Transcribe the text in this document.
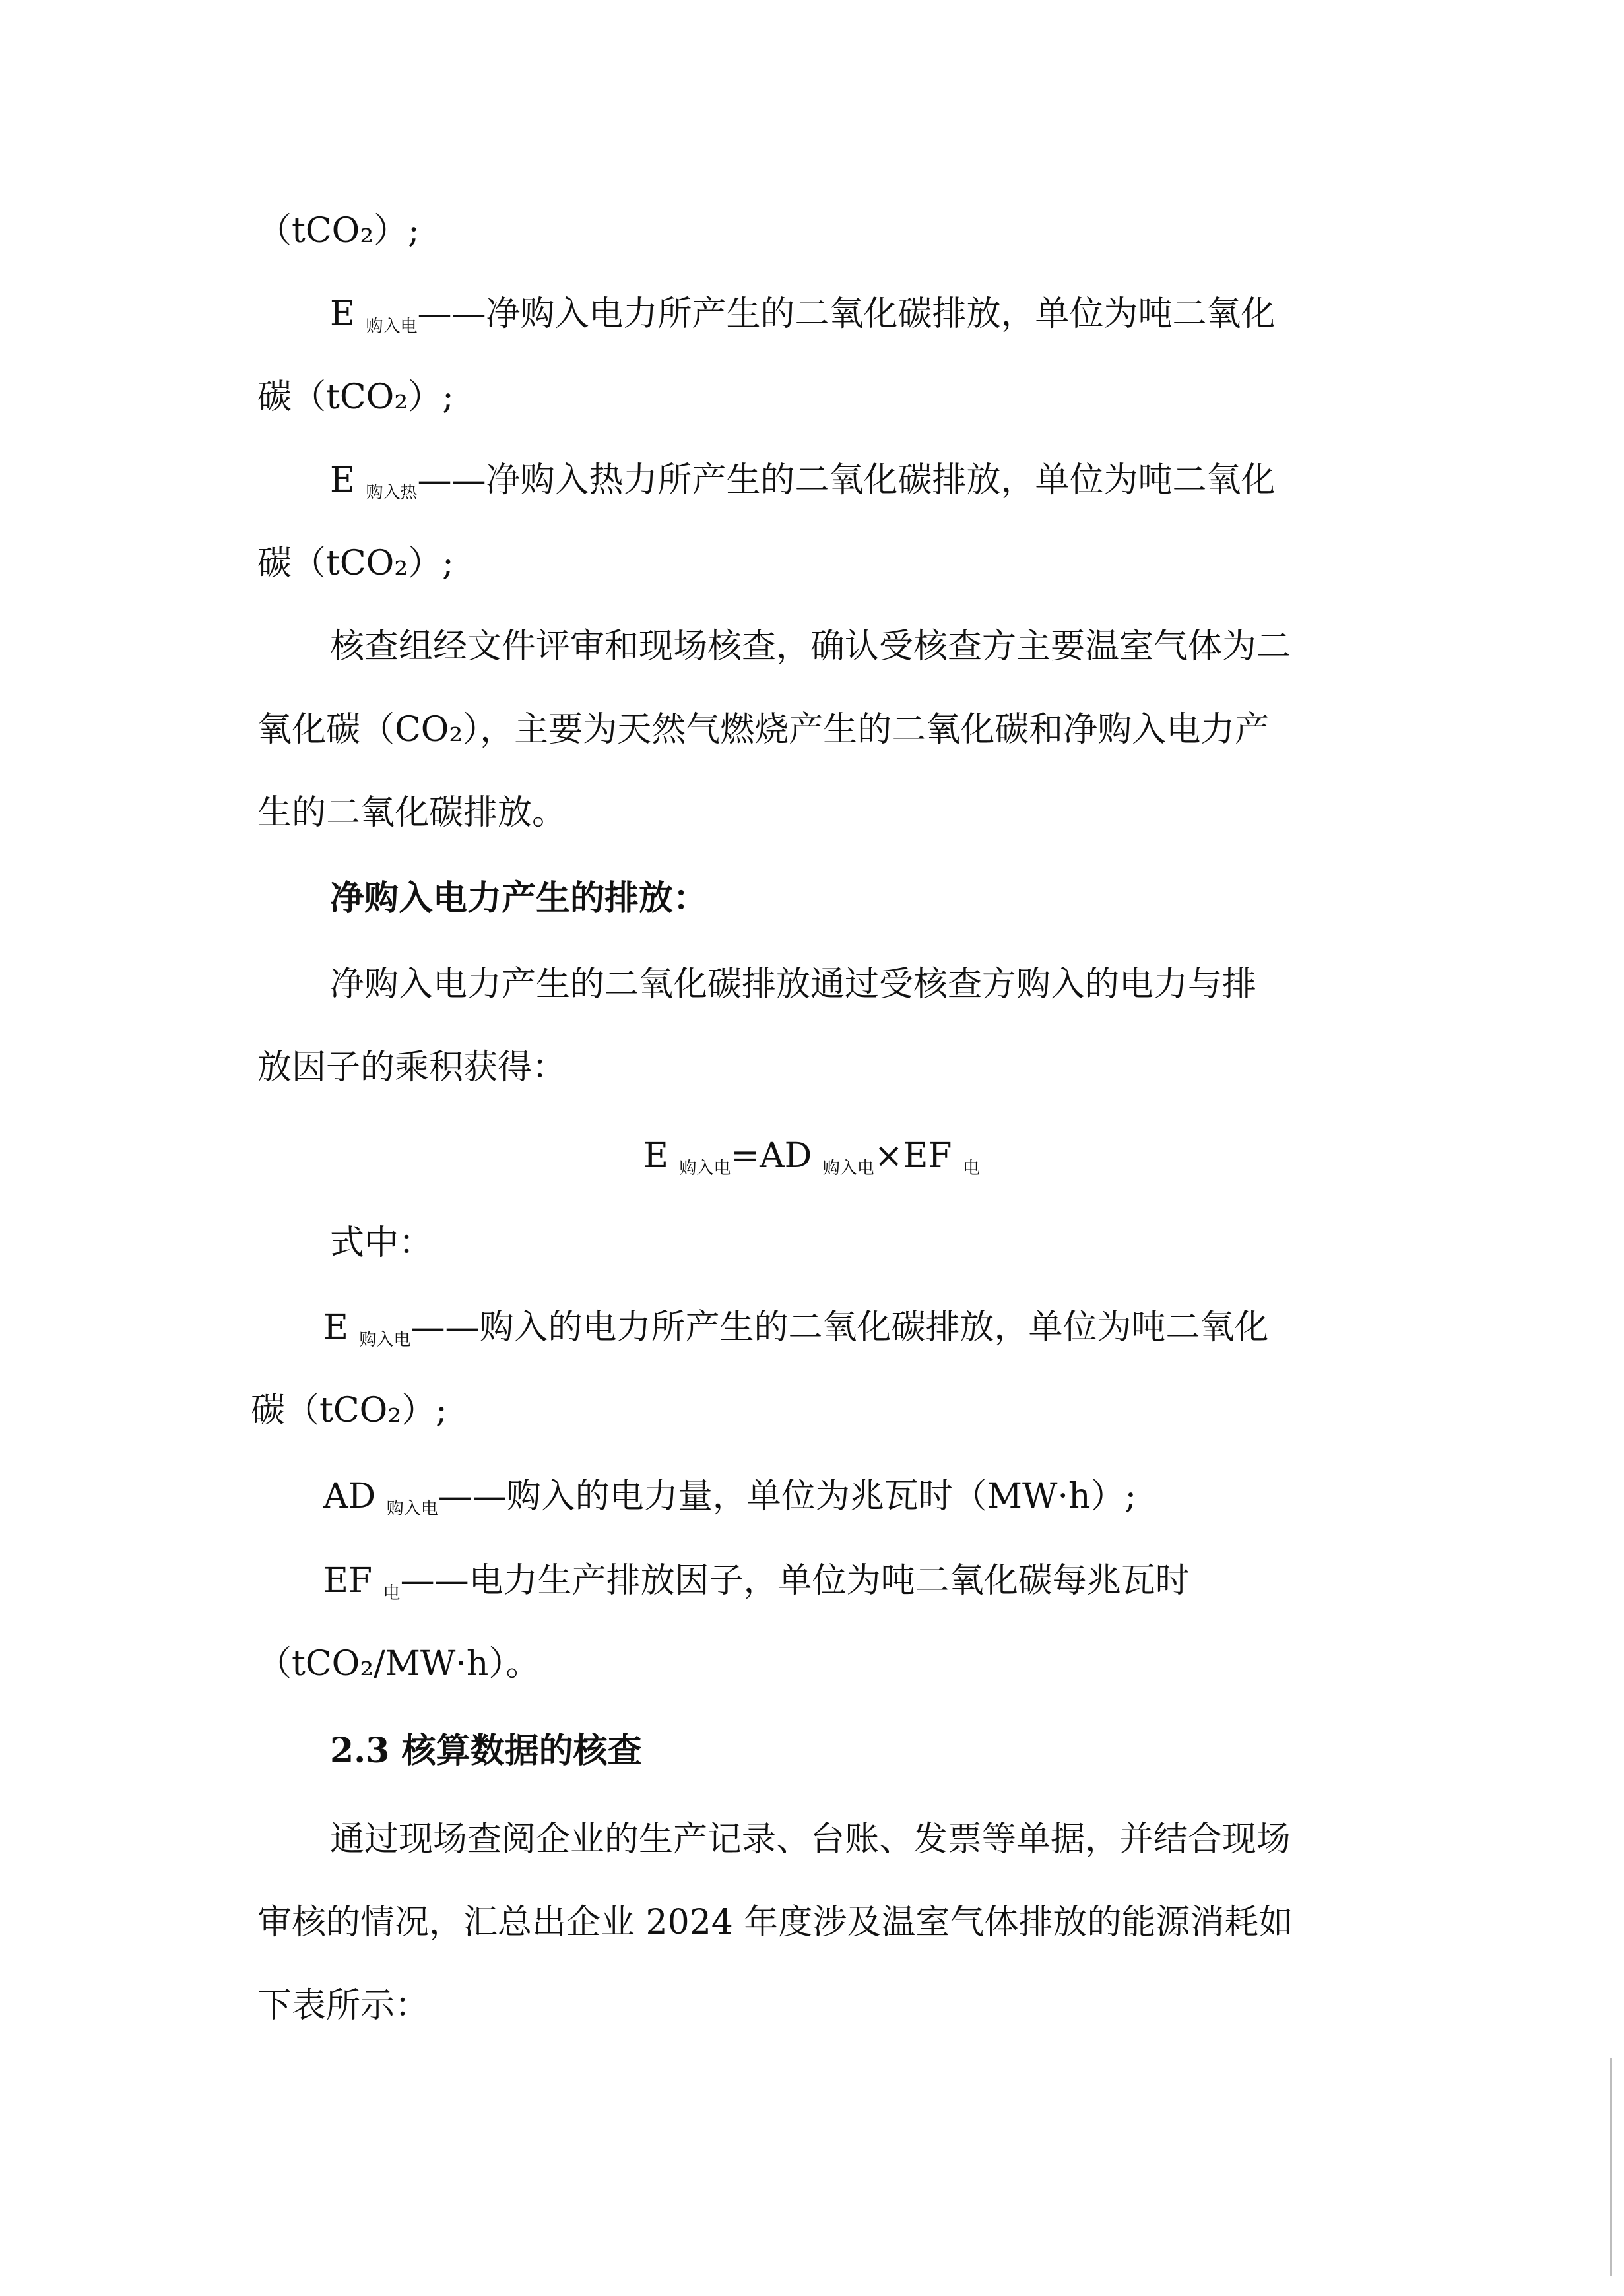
（tCO₂）;
E 购入电——净购入电力所产生的二氧化碳排放，单位为吨二氧化
碳（tCO₂）;
E 购入热——净购入热力所产生的二氧化碳排放，单位为吨二氧化
碳（tCO₂）;
核查组经文件评审和现场核查，确认受核查方主要温室气体为二
氧化碳（CO₂），主要为天然气燃烧产生的二氧化碳和净购入电力产
生的二氧化碳排放。
净购入电力产生的排放：
净购入电力产生的二氧化碳排放通过受核查方购入的电力与排
放因子的乘积获得：
E 购入电=AD 购入电×EF 电
式中：
E 购入电——购入的电力所产生的二氧化碳排放，单位为吨二氧化
碳（tCO₂）;
AD 购入电——购入的电力量，单位为兆瓦时（MW·h）;
EF 电——电力生产排放因子，单位为吨二氧化碳每兆瓦时
（tCO₂/MW·h）。
2.3 核算数据的核查
通过现场查阅企业的生产记录、台账、发票等单据，并结合现场
审核的情况，汇总出企业 2024 年度涉及温室气体排放的能源消耗如
下表所示：
